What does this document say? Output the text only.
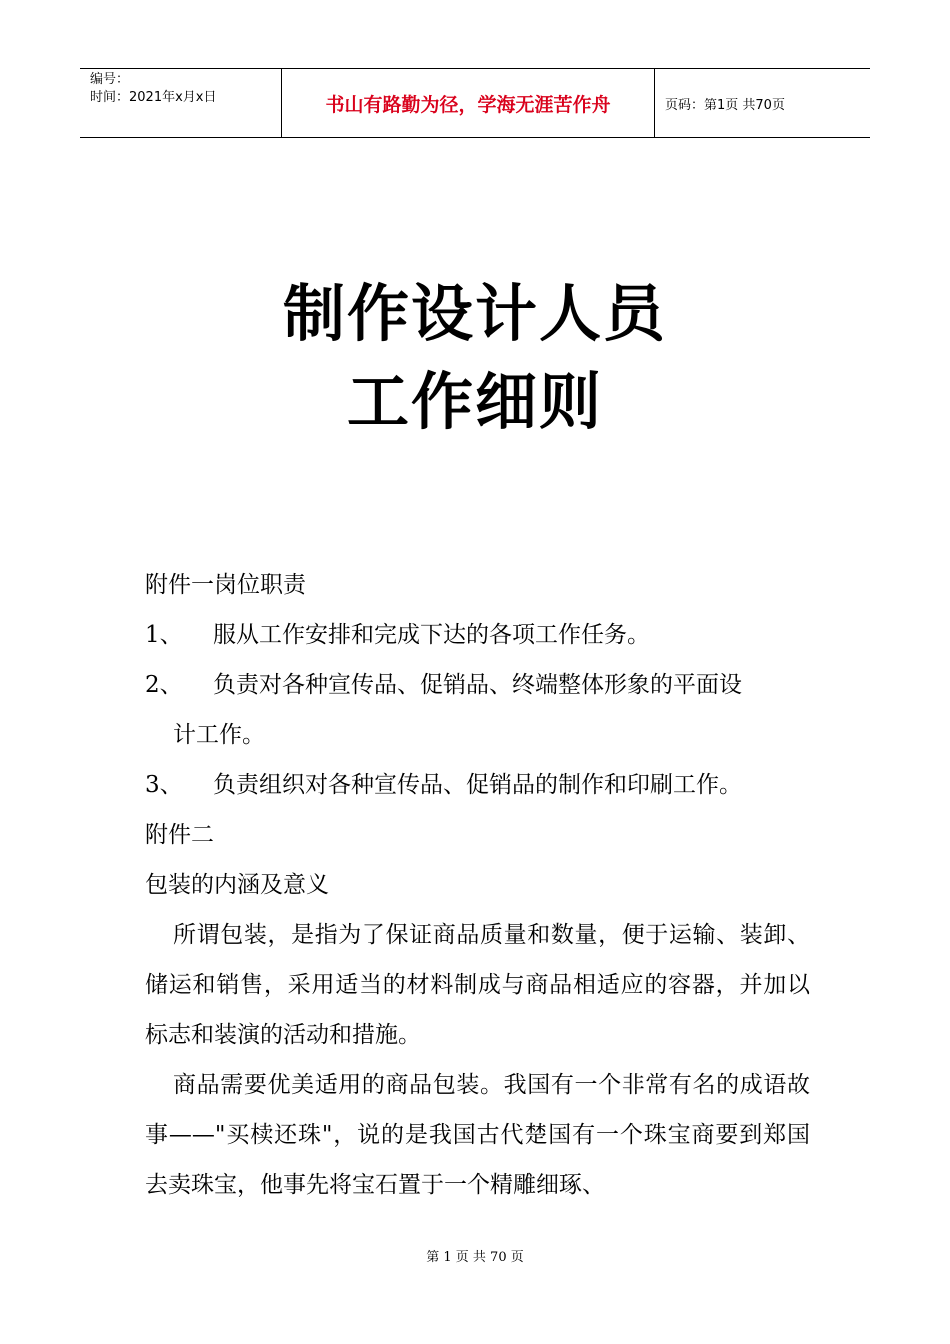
编号：
时间：2021年x月x日	书山有路勤为径，学海无涯苦作舟	页码：第1页 共70页
制作设计人员
工作细则

附件一岗位职责

1、	服从工作安排和完成下达的各项工作任务。
2、	负责对各种宣传品、促销品、终端整体形象的平面设

计工作。

3、	负责组织对各种宣传品、促销品的制作和印刷工作。

附件二

包装的内涵及意义

所谓包装，是指为了保证商品质量和数量，便于运输、装卸、储运和销售，采用适当的材料制成与商品相适应的容器，并加以标志和装演的活动和措施。

商品需要优美适用的商品包装。我国有一个非常有名的成语故事——"买椟还珠"，说的是我国古代楚国有一个珠宝商要到郑国去卖珠宝，他事先将宝石置于一个精雕细琢、

第 1 页 共 70 页
